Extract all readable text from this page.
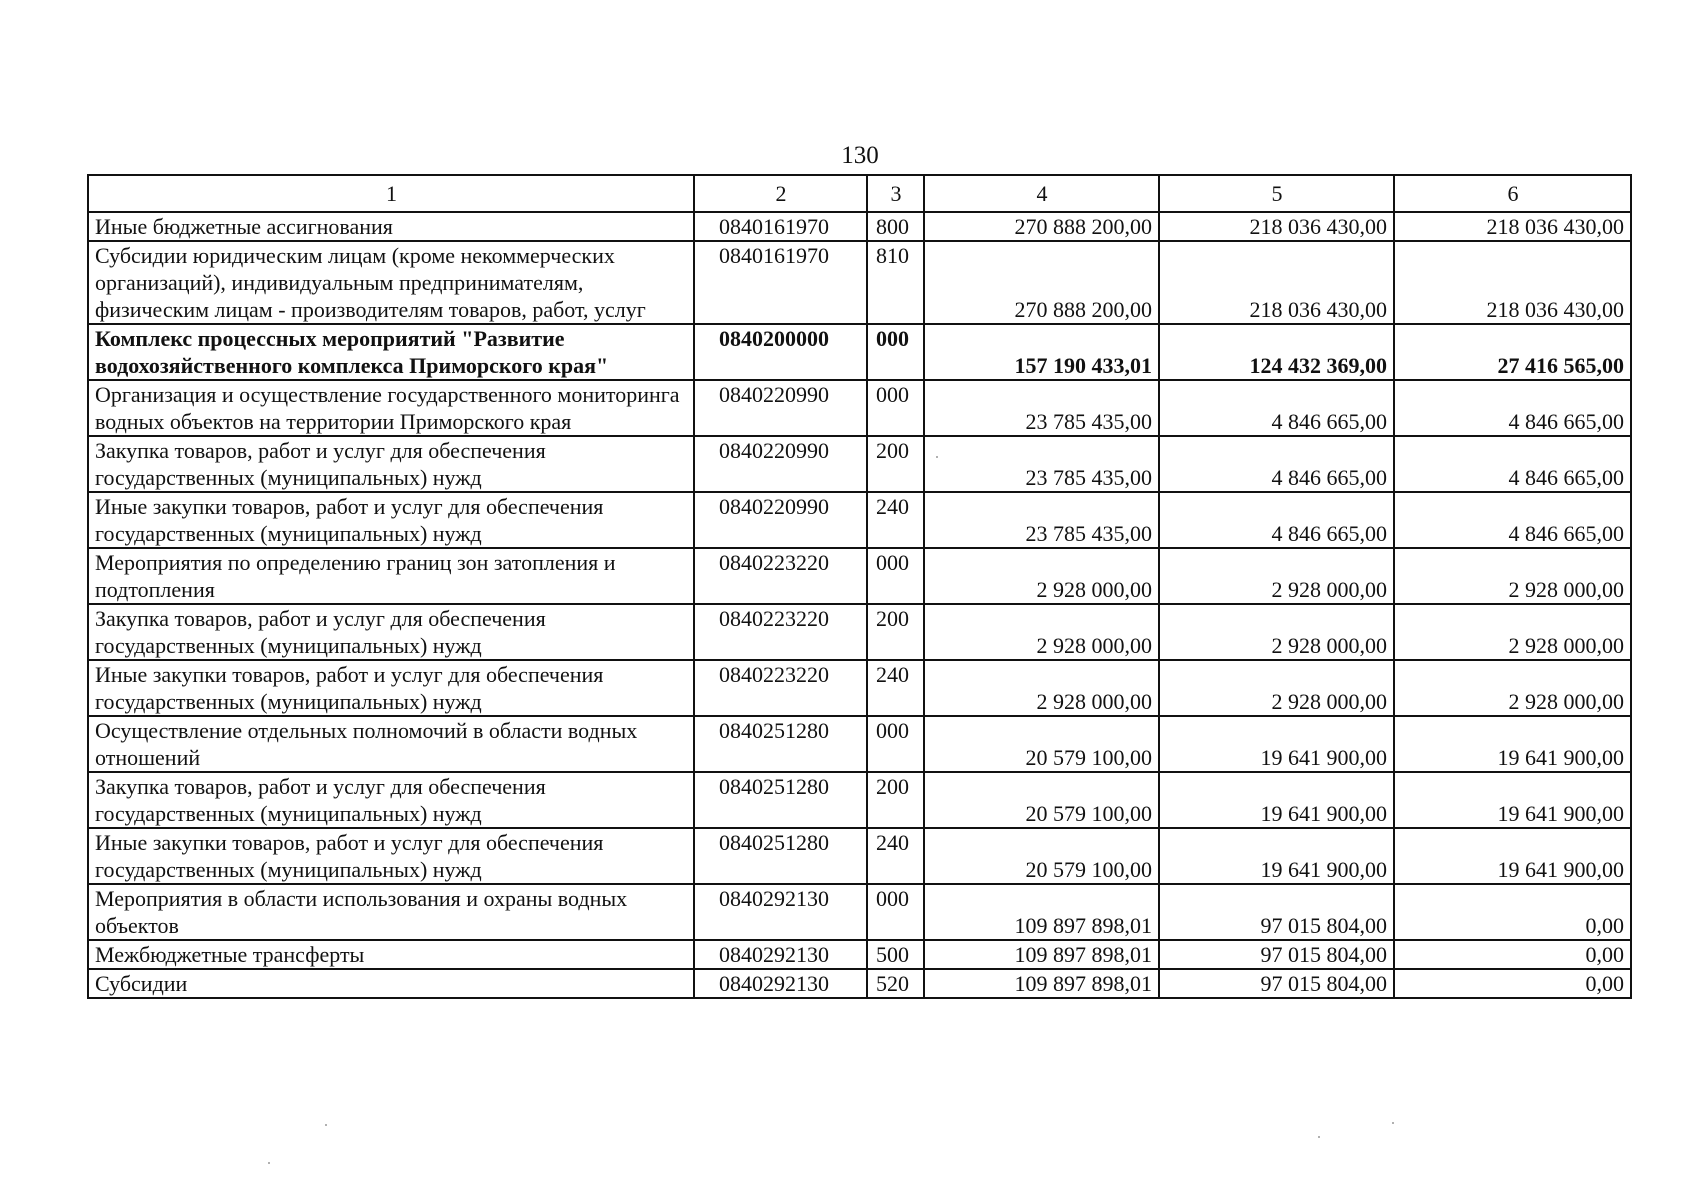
130
1	2	3	4	5	6
Иные бюджетные ассигнования	0840161970	800	270 888 200,00	218 036 430,00	218 036 430,00
Субсидии юридическим лицам (кроме некоммерческих организаций), индивидуальным предпринимателям, физическим лицам - производителям товаров, работ, услуг	0840161970	810	270 888 200,00	218 036 430,00	218 036 430,00
Комплекс процессных мероприятий "Развитие водохозяйственного комплекса Приморского края"	0840200000	000	157 190 433,01	124 432 369,00	27 416 565,00
Организация и осуществление государственного мониторинга водных объектов на территории Приморского края	0840220990	000	23 785 435,00	4 846 665,00	4 846 665,00
Закупка товаров, работ и услуг для обеспечения государственных (муниципальных) нужд	0840220990	200	23 785 435,00	4 846 665,00	4 846 665,00
Иные закупки товаров, работ и услуг для обеспечения государственных (муниципальных) нужд	0840220990	240	23 785 435,00	4 846 665,00	4 846 665,00
Мероприятия по определению границ зон затопления и подтопления	0840223220	000	2 928 000,00	2 928 000,00	2 928 000,00
Закупка товаров, работ и услуг для обеспечения государственных (муниципальных) нужд	0840223220	200	2 928 000,00	2 928 000,00	2 928 000,00
Иные закупки товаров, работ и услуг для обеспечения государственных (муниципальных) нужд	0840223220	240	2 928 000,00	2 928 000,00	2 928 000,00
Осуществление отдельных полномочий в области водных отношений	0840251280	000	20 579 100,00	19 641 900,00	19 641 900,00
Закупка товаров, работ и услуг для обеспечения государственных (муниципальных) нужд	0840251280	200	20 579 100,00	19 641 900,00	19 641 900,00
Иные закупки товаров, работ и услуг для обеспечения государственных (муниципальных) нужд	0840251280	240	20 579 100,00	19 641 900,00	19 641 900,00
Мероприятия в области использования и охраны водных объектов	0840292130	000	109 897 898,01	97 015 804,00	0,00
Межбюджетные трансферты	0840292130	500	109 897 898,01	97 015 804,00	0,00
Субсидии	0840292130	520	109 897 898,01	97 015 804,00	0,00
